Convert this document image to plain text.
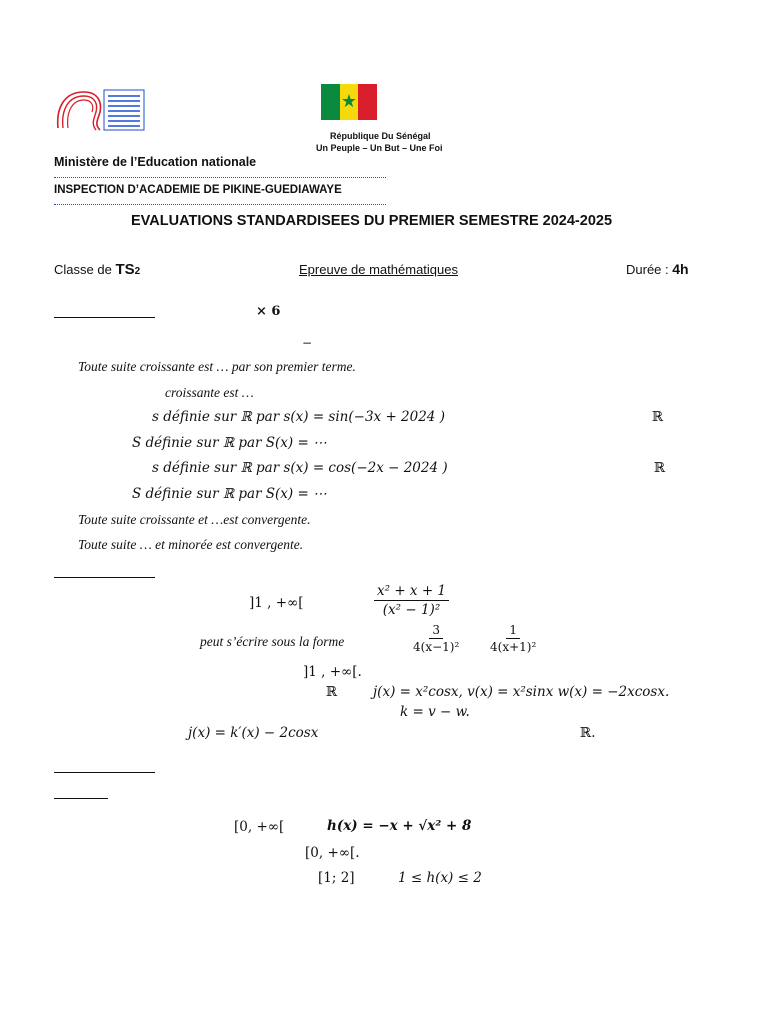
★
République Du Sénégal
Un Peuple – Un But – Une Foi
Ministère de l’Education nationale
INSPECTION D’ACADEMIE DE PIKINE-GUEDIAWAYE
EVALUATIONS STANDARDISEES DU PREMIER SEMESTRE 2024-2025
Classe de TS2	Epreuve de mathématiques	Durée : 4h
× 6
−
Toute suite croissante est … par son premier terme.
croissante est …
s définie sur ℝ par s(x) = sin(−3x + 2024 )	ℝ
S définie sur ℝ par S(x) = ⋯
s définie sur ℝ par s(x) = cos(−2x − 2024 )	ℝ
S définie sur ℝ par S(x) = ⋯
Toute suite croissante et …est convergente.
Toute suite … et minorée est convergente.
]1 , +∞[	$\frac{\text{x² + x + 1}}{\text{(x² − 1)²}}$
peut s’écrire sous la forme	$\frac{3}{\text{4(x−1)²}} \frac{1}{\text{4(x+1)²}}$
]1 , +∞[.
ℝ	j(x) = x²cosx, v(x) = x²sinx w(x) = −2xcosx.
k = v − w.
j(x) = k′(x) − 2cosx	ℝ.
[0, +∞[	h(x) = −x + √x² + 8
[0, +∞[.
[1; 2]	1 ≤ h(x) ≤ 2
